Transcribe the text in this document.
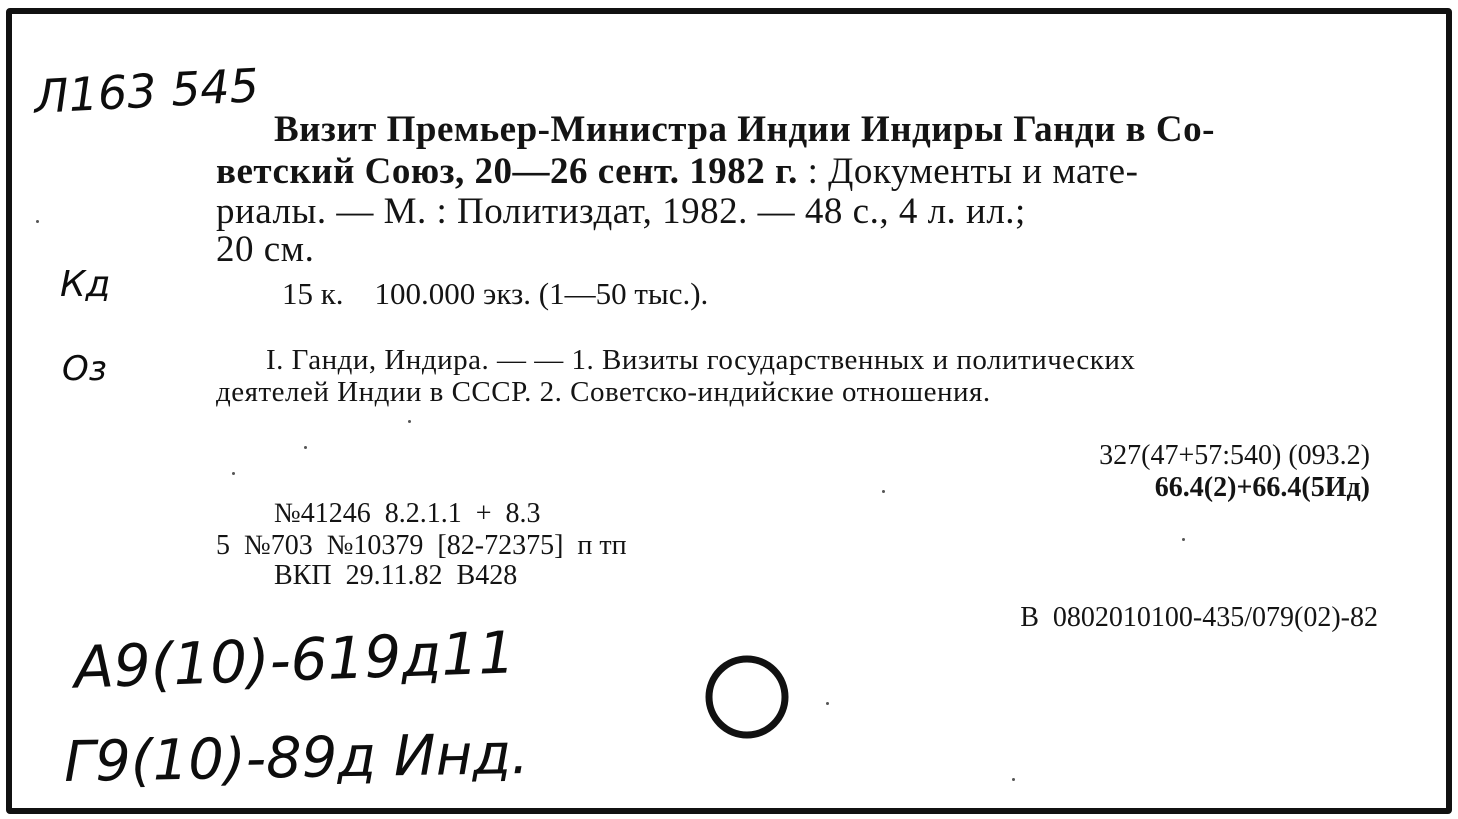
Л163 545
Кд
Оз
А9(10)-619д11
Г9(10)-89д Инд.
Визит Премьер-Министра Индии Индиры Ганди в Со-
ветский Союз, 20—26 сент. 1982 г. : Документы и мате-
риалы. — М. : Политиздат, 1982. — 48 с., 4 л. ил.;
20 см.
15 к.    100.000 экз. (1—50 тыс.).
I. Ганди, Индира. — — 1. Визиты государственных и политических
деятелей Индии в СССР. 2. Советско-индийские отношения.
327(47+57:540) (093.2)
66.4(2)+66.4(5Ид)
В  0802010100-435/079(02)-82
№41246  8.2.1.1  +  8.3
5  №703  №10379  [82-72375]  п тп
ВКП  29.11.82  В428
